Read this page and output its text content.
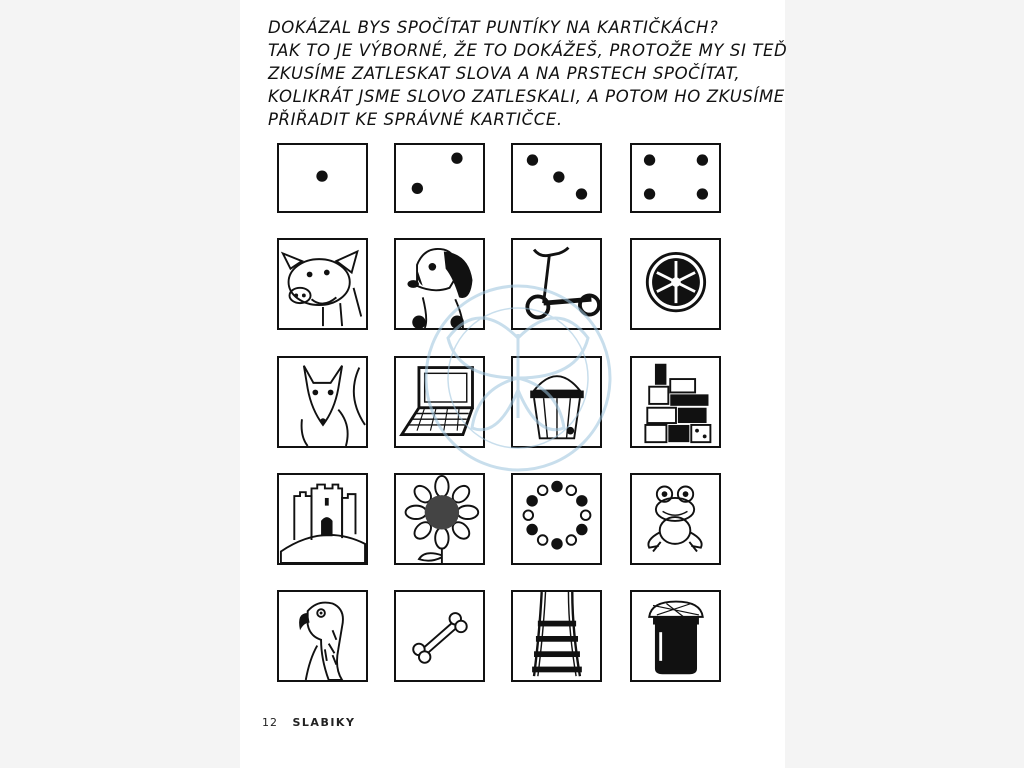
DOKÁZAL BYS SPOČÍTAT PUNTÍKY NA KARTIČKÁCH?
TAK TO JE VÝBORNÉ, ŽE TO DOKÁŽEŠ, PROTOŽE MY SI TEĎ
ZKUSÍME ZATLESKAT SLOVA A NA PRSTECH SPOČÍTAT,
KOLIKRÁT JSME SLOVO ZATLESKALI, A POTOM HO ZKUSÍME
PŘIŘADIT KE SPRÁVNÉ KARTIČCE.

12 SLABIKY
